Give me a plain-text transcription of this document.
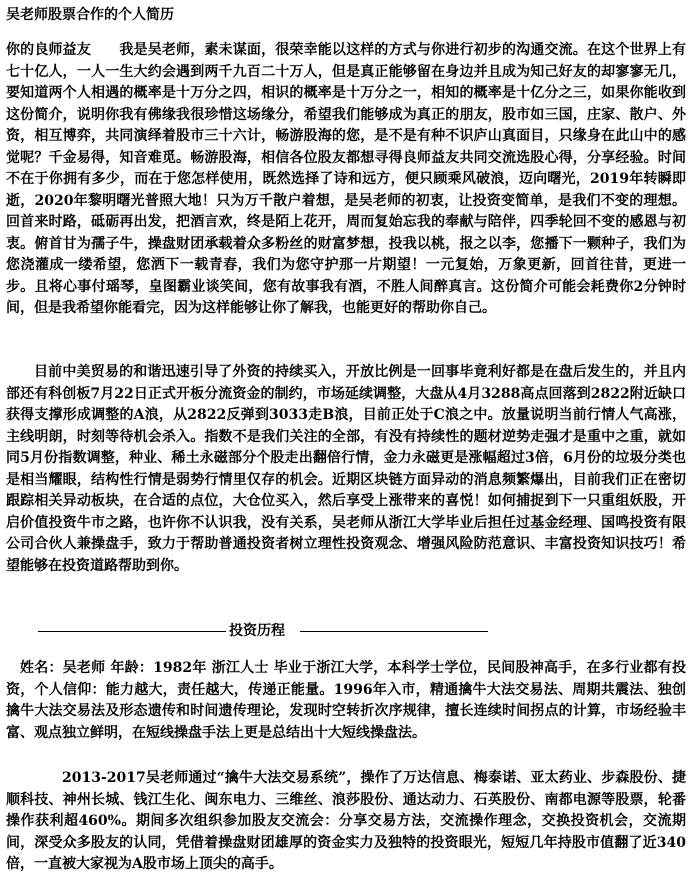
吴老师股票合作的个人简历

你的良师益友　　我是吴老师，素未谋面，很荣幸能以这样的方式与你进行初步的沟通交流。在这个世界上有七十亿人，一人一生大约会遇到两千九百二十万人，但是真正能够留在身边并且成为知己好友的却寥寥无几，要知道两个人相遇的概率是十万分之四，相识的概率是十万分之一，相知的概率是十亿分之三，如果你能收到这份简介，说明你我有佛缘我很珍惜这场缘分，希望我们能够成为真正的朋友，股市如三国，庄家、散户、外资，相互博弈，共同演绎着股市三十六计，畅游股海的您，是不是有种不识庐山真面目，只缘身在此山中的感觉呢？千金易得，知音难觅。畅游股海，相信各位股友都想寻得良师益友共同交流选股心得，分享经验。时间不在于你拥有多少，而在于您怎样使用，既然选择了诗和远方，便只顾乘风破浪，迈向曙光，2019年转瞬即逝，2020年黎明曙光普照大地！只为万千散户着想，是吴老师的初衷，让投资变简单，是我们不变的理想。回首来时路，砥砺再出发，把酒言欢，终是陌上花开，周而复始忘我的奉献与陪伴，四季轮回不变的感恩与初衷。俯首甘为孺子牛，操盘财团承载着众多粉丝的财富梦想，投我以桃，报之以李，您播下一颗种子，我们为您浇灌成一缕希望，您洒下一载青春，我们为您守护那一片期望！一元复始，万象更新，回首往昔，更进一步。且将心事付瑶琴，皇图霸业谈笑间，您有故事我有酒，不胜人间醉真言。这份简介可能会耗费你2分钟时间，但是我希望你能看完，因为这样能够让你了解我，也能更好的帮助你自己。

目前中美贸易的和谐迅速引导了外资的持续买入，开放比例是一回事毕竟利好都是在盘后发生的，并且内部还有科创板7月22日正式开板分流资金的制约，市场延续调整，大盘从4月3288高点回落到2822附近缺口获得支撑形成调整的A浪，从2822反弹到3033走B浪，目前正处于C浪之中。放量说明当前行情人气高涨，主线明朗，时刻等待机会杀入。指数不是我们关注的全部，有没有持续性的题材逆势走强才是重中之重，就如同5月份指数调整，种业、稀土永磁部分个股走出翻倍行情，金力永磁更是涨幅超过3倍，6月份的垃圾分类也是相当耀眼，结构性行情是弱势行情里仅存的机会。近期区块链方面异动的消息频繁爆出，目前我们正在密切跟踪相关异动板块，在合适的点位，大仓位买入，然后享受上涨带来的喜悦！如何捕捉到下一只重组妖股，开启价值投资牛市之路，也许你不认识我，没有关系，吴老师从浙江大学毕业后担任过基金经理、国鸣投资有限公司合伙人兼操盘手，致力于帮助普通投资者树立理性投资观念、增强风险防范意识、丰富投资知识技巧！希望能够在投资道路帮助到你。

投资历程

姓名：吴老师 年龄：1982年 浙江人士 毕业于浙江大学，本科学士学位，民间股神高手，在多行业都有投资，个人信仰：能力越大，责任越大，传递正能量。1996年入市，精通擒牛大法交易法、周期共震法、独创擒牛大法交易法及形态遗传和时间遗传理论，发现时空转折次序规律，擅长连续时间拐点的计算，市场经验丰富、观点独立鲜明，在短线操盘手法上更是总结出十大短线操盘法。

2013-2017吴老师通过“擒牛大法交易系统”，操作了万达信息、梅泰诺、亚太药业、步森股份、捷顺科技、神州长城、钱江生化、闽东电力、三维丝、浪莎股份、通达动力、石英股份、南都电源等股票，轮番操作获利超460%。期间多次组织参加股友交流会：分享交易方法，交流操作理念，交换投资机会，交流期间，深受众多股友的认同，凭借着操盘财团雄厚的资金实力及独特的投资眼光，短短几年持股市值翻了近340倍，一直被大家视为A股市场上顶尖的高手。
